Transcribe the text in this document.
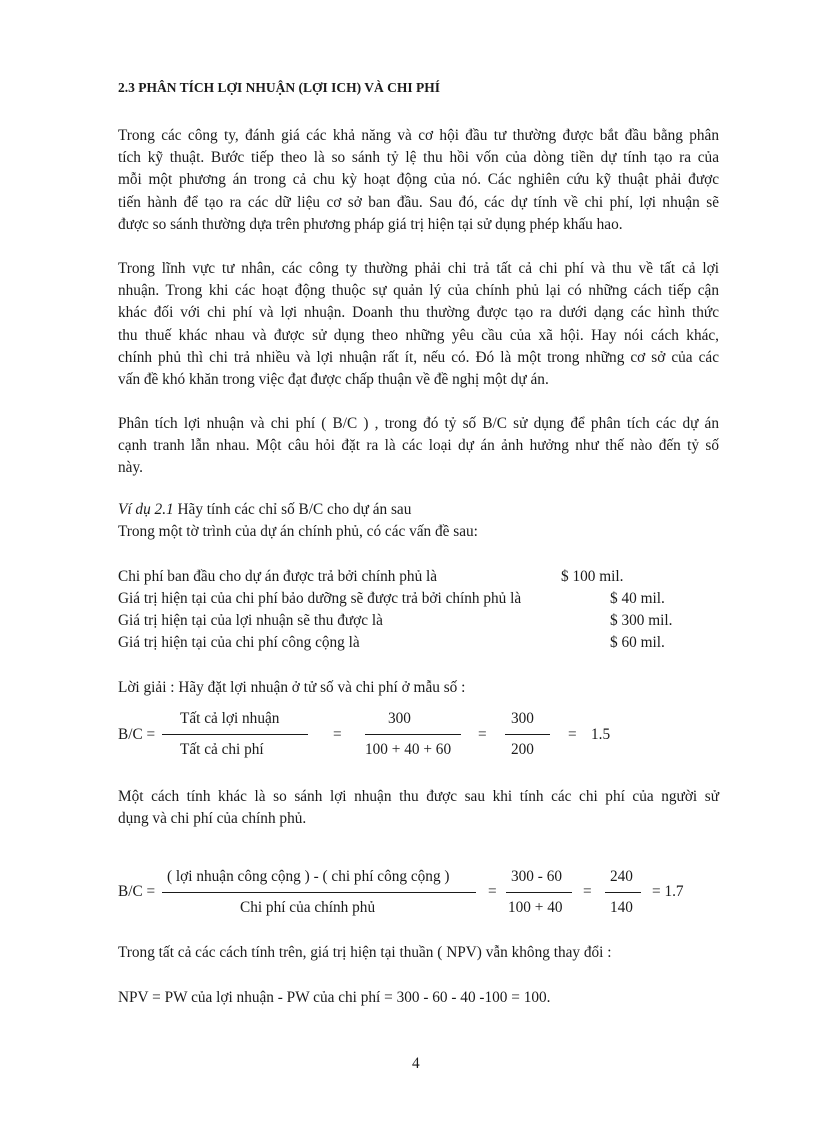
2.3 PHÂN TÍCH LỢI NHUẬN (LỢI ICH) VÀ CHI PHÍ
Trong các công ty, đánh giá các khả năng và cơ hội đầu tư thường được bắt đầu bằng phân
tích kỹ thuật. Bước tiếp theo là so sánh tỷ lệ thu hồi vốn của dòng tiền dự tính tạo ra của
mỗi một phương án trong cả chu kỳ hoạt động của nó. Các nghiên cứu kỹ thuật phải được
tiến hành để tạo ra các dữ liệu cơ sở ban đầu. Sau đó, các dự tính về chi phí, lợi nhuận sẽ
được so sánh thường dựa trên phương pháp giá trị hiện tại sử dụng phép khấu hao.
Trong lĩnh vực tư nhân, các công ty thường phải chi trả tất cả chi phí và thu về tất cả lợi
nhuận. Trong khi các hoạt động thuộc sự quản lý của chính phủ lại có những cách tiếp cận
khác đối với chi phí và lợi nhuận. Doanh thu thường được tạo ra dưới dạng các hình thức
thu thuế khác nhau và được sử dụng theo những yêu cầu của xã hội. Hay nói cách khác,
chính phủ thì chi trả nhiều và lợi nhuận rất ít, nếu có. Đó là một trong những cơ sở của các
vấn đề khó khăn trong việc đạt được chấp thuận về đề nghị một dự án.
Phân tích lợi nhuận và chi phí ( B/C ) , trong đó tỷ số B/C sử dụng để phân tích các dự án
cạnh tranh lẫn nhau. Một câu hỏi đặt ra là các loại dự án ảnh hưởng như thế nào đến tỷ số
này.
Ví dụ 2.1 Hãy tính các chỉ số B/C cho dự án sau
Trong một tờ trình của dự án chính phủ, có các vấn đề sau:
Chi phí ban đầu cho dự án được trả bởi chính phủ là	$ 100 mil.
Giá trị hiện tại của chi phí bảo dưỡng sẽ được trả bởi chính phủ là	$ 40 mil.
Giá trị hiện tại của lợi nhuận sẽ thu được là	$ 300 mil.
Giá trị hiện tại của chi phí công cộng là	$ 60 mil.
Lời giải : Hãy đặt lợi nhuận ở tử số và chi phí ở mẫu số :
B/C =
Tất cả lợi nhuận
Tất cả chi phí
=
300
100 + 40 + 60
=
300
200
= 1.5
Một cách tính khác là so sánh lợi nhuận thu được sau khi tính các chi phí của người sử
dụng và chi phí của chính phủ.
B/C =
( lợi nhuận công cộng ) - ( chi phí công cộng )
Chi phí của chính phủ
=
300 - 60
100 + 40
=
240
140
= 1.7
Trong tất cả các cách tính trên, giá trị hiện tại thuần ( NPV) vẫn không thay đổi :
NPV = PW của lợi nhuận - PW của chi phí = 300 - 60 - 40 -100 = 100.
4
